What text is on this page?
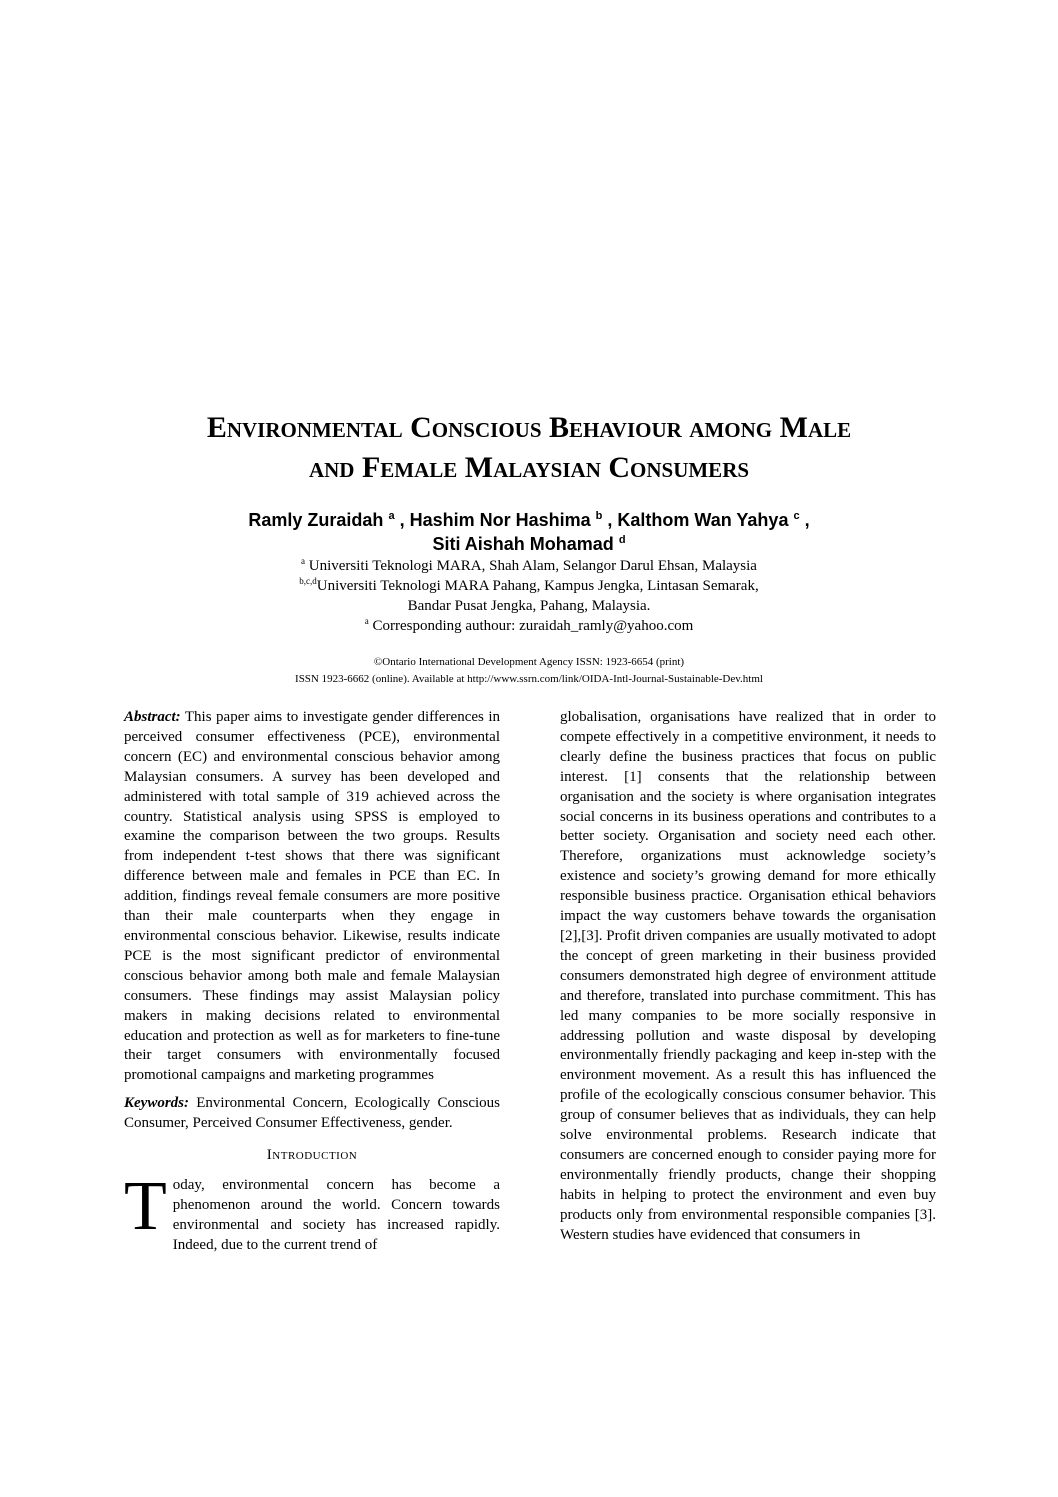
Environmental Conscious Behaviour among Male
and Female Malaysian Consumers
Ramly Zuraidah $^a$ , Hashim Nor Hashima $^b$ , Kalthom Wan Yahya $^c$ ,
Siti Aishah Mohamad $^d$
$^a$ Universiti Teknologi MARA, Shah Alam, Selangor Darul Ehsan, Malaysia
$^{b,c,d}$Universiti Teknologi MARA Pahang, Kampus Jengka, Lintasan Semarak,
Bandar Pusat Jengka, Pahang, Malaysia.
$^a$ Corresponding authour: zuraidah_ramly@yahoo.com
©Ontario International Development Agency ISSN: 1923-6654 (print)
ISSN 1923-6662 (online). Available at http://www.ssrn.com/link/OIDA-Intl-Journal-Sustainable-Dev.html

Abstract: This paper aims to investigate gender differences in perceived consumer effectiveness (PCE), environmental concern (EC) and environmental conscious behavior among Malaysian consumers. A survey has been developed and administered with total sample of 319 achieved across the country. Statistical analysis using SPSS is employed to examine the comparison between the two groups. Results from independent t-test shows that there was significant difference between male and females in PCE than EC. In addition, findings reveal female consumers are more positive than their male counterparts when they engage in environmental conscious behavior. Likewise, results indicate PCE is the most significant predictor of environmental conscious behavior among both male and female Malaysian consumers. These findings may assist Malaysian policy makers in making decisions related to environmental education and protection as well as for marketers to fine-tune their target consumers with environmentally focused promotional campaigns and marketing programmes

Keywords: Environmental Concern, Ecologically Conscious Consumer, Perceived Consumer Effectiveness, gender.

Introduction

Today, environmental concern has become a phenomenon around the world. Concern towards environmental and society has increased rapidly. Indeed, due to the current trend of

globalisation, organisations have realized that in order to compete effectively in a competitive environment, it needs to clearly define the business practices that focus on public interest. [1] consents that the relationship between organisation and the society is where organisation integrates social concerns in its business operations and contributes to a better society. Organisation and society need each other. Therefore, organizations must acknowledge society’s existence and society’s growing demand for more ethically responsible business practice. Organisation ethical behaviors impact the way customers behave towards the organisation [2],[3]. Profit driven companies are usually motivated to adopt the concept of green marketing in their business provided consumers demonstrated high degree of environment attitude and therefore, translated into purchase commitment. This has led many companies to be more socially responsive in addressing pollution and waste disposal by developing environmentally friendly packaging and keep in-step with the environment movement. As a result this has influenced the profile of the ecologically conscious consumer behavior. This group of consumer believes that as individuals, they can help solve environmental problems. Research indicate that consumers are concerned enough to consider paying more for environmentally friendly products, change their shopping habits in helping to protect the environment and even buy products only from environmental responsible companies [3]. Western studies have evidenced that consumers in
